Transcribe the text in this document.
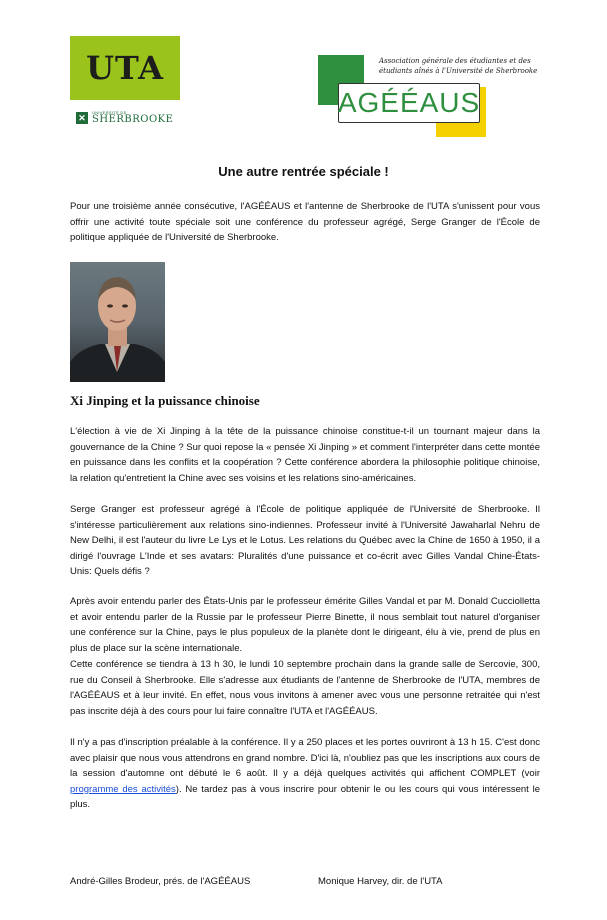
UTA
✕	UNIVERSITÉ DE
SHERBROOKE
Association générale des étudiantes et des
étudiants aînés à l'Université de Sherbrooke
AGÉÉAUS
Une autre rentrée spéciale !

Pour une troisième année consécutive, l'AGÉÉAUS et l'antenne de Sherbrooke de l'UTA s'unissent pour vous offrir une activité toute spéciale soit une conférence du professeur agrégé, Serge Granger de l'École de politique appliquée de l'Université de Sherbrooke.

Xi Jinping et la puissance chinoise

L'élection à vie de Xi Jinping à la tête de la puissance chinoise constitue-t-il un tournant majeur dans la gouvernance de la Chine ? Sur quoi repose la « pensée Xi Jinping » et comment l'interpréter dans cette montée en puissance dans les conflits et la coopération ? Cette conférence abordera la philosophie politique chinoise, la relation qu'entretient la Chine avec ses voisins et les relations sino-américaines.

Serge Granger est professeur agrégé à l'École de politique appliquée de l'Université de Sherbrooke. Il s'intéresse particulièrement aux relations sino-indiennes. Professeur invité à l'Université Jawaharlal Nehru de New Delhi, il est l'auteur du livre Le Lys et le Lotus. Les relations du Québec avec la Chine de 1650 à 1950, il a dirigé l'ouvrage L'Inde et ses avatars: Pluralités d'une puissance et co-écrit avec Gilles Vandal Chine-États-Unis: Quels défis ?

Après avoir entendu parler des États-Unis par le professeur émérite Gilles Vandal et par M. Donald Cucciolletta et avoir entendu parler de la Russie par le professeur Pierre Binette, il nous semblait tout naturel d'organiser une conférence sur la Chine, pays le plus populeux de la planète dont le dirigeant, élu à vie, prend de plus en plus de place sur la scène internationale.

Cette conférence se tiendra à 13 h 30, le lundi 10 septembre prochain dans la grande salle de Sercovie, 300, rue du Conseil à Sherbrooke. Elle s'adresse aux étudiants de l'antenne de Sherbrooke de l'UTA, membres de l'AGÉÉAUS et à leur invité. En effet, nous vous invitons à amener avec vous une personne retraitée qui n'est pas inscrite déjà à des cours pour lui faire connaître l'UTA et l'AGÉÉAUS.

Il n'y a pas d'inscription préalable à la conférence. Il y a 250 places et les portes ouvriront à 13 h 15. C'est donc avec plaisir que nous vous attendrons en grand nombre. D'ici là, n'oubliez pas que les inscriptions aux cours de la session d'automne ont débuté le 6 août. Il y a déjà quelques activités qui affichent COMPLET (voir programme des activités). Ne tardez pas à vous inscrire pour obtenir le ou les cours qui vous intéressent le plus.

André-Gilles Brodeur, prés. de l'AGÉÉAUS	Monique Harvey, dir. de l'UTA
